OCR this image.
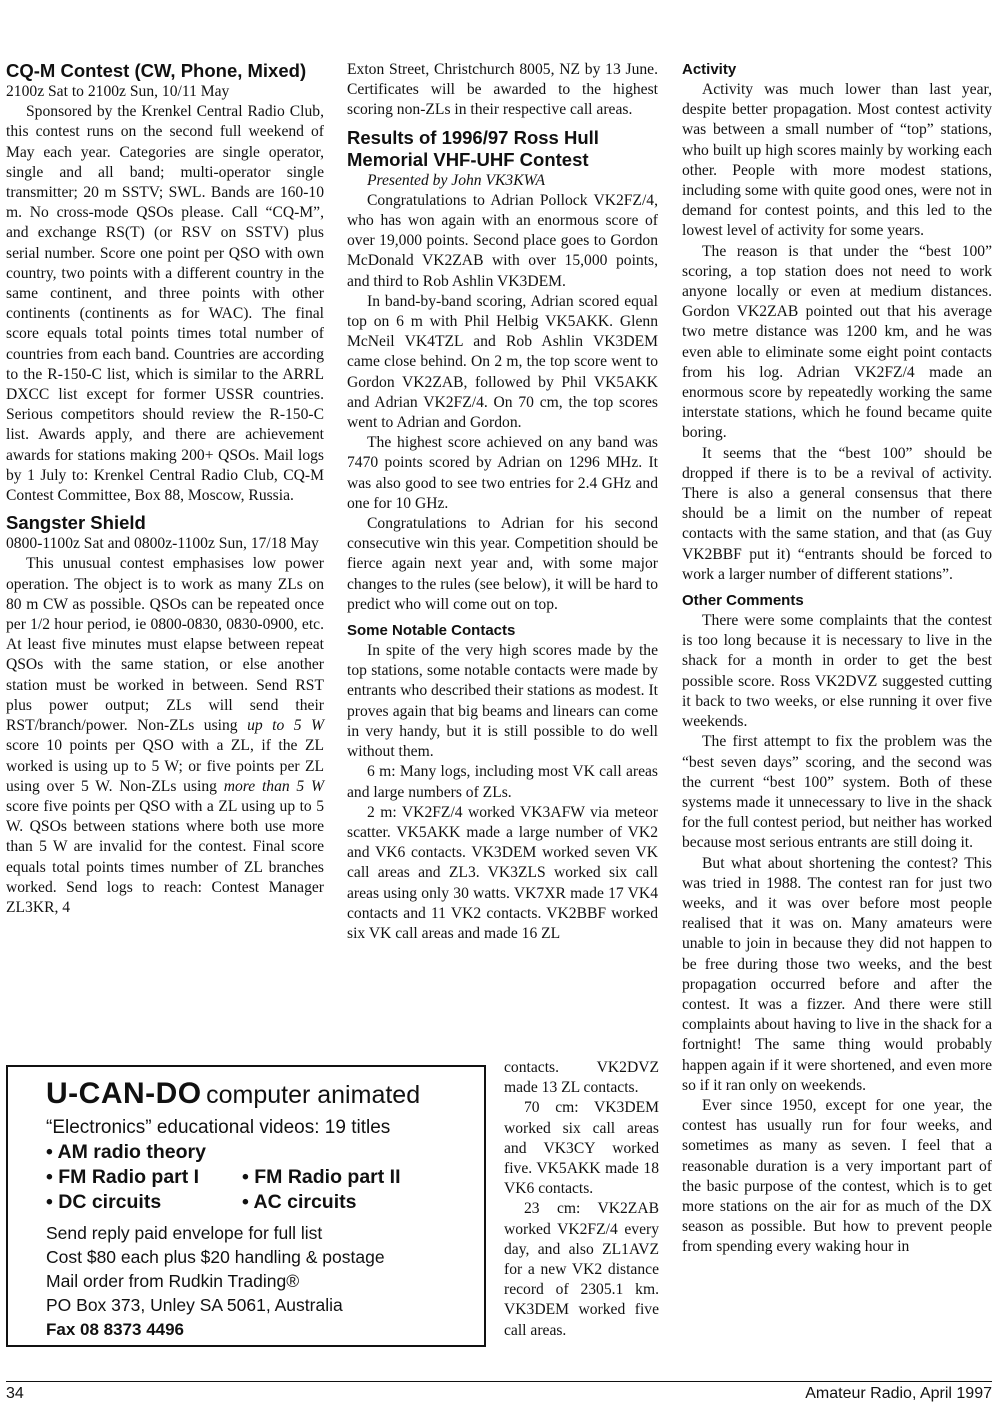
CQ-M Contest (CW, Phone, Mixed)

2100z Sat to 2100z Sun, 10/11 May

Sponsored by the Krenkel Central Radio Club, this contest runs on the second full weekend of May each year. Categories are single operator, single and all band; multi-operator single transmitter; 20 m SSTV; SWL. Bands are 160-10 m. No cross-mode QSOs please. Call “CQ-M”, and exchange RS(T) (or RSV on SSTV) plus serial number. Score one point per QSO with own country, two points with a different country in the same continent, and three points with other continents (continents as for WAC). The final score equals total points times total number of countries from each band. Countries are according to the R-150-C list, which is similar to the ARRL DXCC list except for former USSR countries. Serious competitors should review the R-150-C list. Awards apply, and there are achievement awards for stations making 200+ QSOs. Mail logs by 1 July to: Krenkel Central Radio Club, CQ-M Contest Committee, Box 88, Moscow, Russia.

Sangster Shield

0800-1100z Sat and 0800z-1100z Sun, 17/18 May

This unusual contest emphasises low power operation. The object is to work as many ZLs on 80 m CW as possible. QSOs can be repeated once per 1/2 hour period, ie 0800-0830, 0830-0900, etc. At least five minutes must elapse between repeat QSOs with the same station, or else another station must be worked in between. Send RST plus power output; ZLs will send their RST/branch/power. Non-ZLs using up to 5 W score 10 points per QSO with a ZL, if the ZL worked is using up to 5 W; or five points per ZL using over 5 W. Non-ZLs using more than 5 W score five points per QSO with a ZL using up to 5 W. QSOs between stations where both use more than 5 W are invalid for the contest. Final score equals total points times number of ZL branches worked. Send logs to reach: Contest Manager ZL3KR, 4

Exton Street, Christchurch 8005, NZ by 13 June. Certificates will be awarded to the highest scoring non-ZLs in their respective call areas.

Results of 1996/97 Ross Hull Memorial VHF-UHF Contest

Presented by John VK3KWA

Congratulations to Adrian Pollock VK2FZ/4, who has won again with an enormous score of over 19,000 points. Second place goes to Gordon McDonald VK2ZAB with over 15,000 points, and third to Rob Ashlin VK3DEM.

In band-by-band scoring, Adrian scored equal top on 6 m with Phil Helbig VK5AKK. Glenn McNeil VK4TZL and Rob Ashlin VK3DEM came close behind. On 2 m, the top score went to Gordon VK2ZAB, followed by Phil VK5AKK and Adrian VK2FZ/4. On 70 cm, the top scores went to Adrian and Gordon.

The highest score achieved on any band was 7470 points scored by Adrian on 1296 MHz. It was also good to see two entries for 2.4 GHz and one for 10 GHz.

Congratulations to Adrian for his second consecutive win this year. Competition should be fierce again next year and, with some major changes to the rules (see below), it will be hard to predict who will come out on top.

Some Notable Contacts

In spite of the very high scores made by the top stations, some notable contacts were made by entrants who described their stations as modest. It proves again that big beams and linears can come in very handy, but it is still possible to do well without them.

6 m: Many logs, including most VK call areas and large numbers of ZLs.

2 m: VK2FZ/4 worked VK3AFW via meteor scatter. VK5AKK made a large number of VK2 and VK6 contacts. VK3DEM worked seven VK call areas and ZL3. VK3ZLS worked six call areas using only 30 watts. VK7XR made 17 VK4 contacts and 11 VK2 contacts. VK2BBF worked six VK call areas and made 16 ZL

contacts. VK2DVZ made 13 ZL contacts.

70 cm: VK3DEM worked six call areas and VK3CY worked five. VK5AKK made 18 VK6 contacts.

23 cm: VK2ZAB worked VK2FZ/4 every day, and also ZL1AVZ for a new VK2 distance record of 2305.1 km. VK3DEM worked five call areas.

Activity

Activity was much lower than last year, despite better propagation. Most contest activity was between a small number of “top” stations, who built up high scores mainly by working each other. People with more modest stations, including some with quite good ones, were not in demand for contest points, and this led to the lowest level of activity for some years.

The reason is that under the “best 100” scoring, a top station does not need to work anyone locally or even at medium distances. Gordon VK2ZAB pointed out that his average two metre distance was 1200 km, and he was even able to eliminate some eight point contacts from his log. Adrian VK2FZ/4 made an enormous score by repeatedly working the same interstate stations, which he found became quite boring.

It seems that the “best 100” should be dropped if there is to be a revival of activity. There is also a general consensus that there should be a limit on the number of repeat contacts with the same station, and that (as Guy VK2BBF put it) “entrants should be forced to work a larger number of different stations”.

Other Comments

There were some complaints that the contest is too long because it is necessary to live in the shack for a month in order to get the best possible score. Ross VK2DVZ suggested cutting it back to two weeks, or else running it over five weekends.

The first attempt to fix the problem was the “best seven days” scoring, and the second was the current “best 100” system. Both of these systems made it unnecessary to live in the shack for the full contest period, but neither has worked because most serious entrants are still doing it.

But what about shortening the contest? This was tried in 1988. The contest ran for just two weeks, and it was over before most people realised that it was on. Many amateurs were unable to join in because they did not happen to be free during those two weeks, and the best propagation occurred before and after the contest. It was a fizzer. And there were still complaints about having to live in the shack for a fortnight! The same thing would probably happen again if it were shortened, and even more so if it ran only on weekends.

Ever since 1950, except for one year, the contest has usually run for four weeks, and sometimes as many as seven. I feel that a reasonable duration is a very important part of the basic purpose of the contest, which is to get more stations on the air for as much of the DX season as possible. But how to prevent people from spending every waking hour in

U-CAN-DO computer animated
“Electronics” educational videos: 19 titles
• AM radio theory
• FM Radio part I	• FM Radio part II
• DC circuits	• AC circuits
Send reply paid envelope for full list
Cost $80 each plus $20 handling & postage
Mail order from Rudkin Trading®
PO Box 373, Unley SA 5061, Australia
Fax 08 8373 4496
34	Amateur Radio, April 1997
